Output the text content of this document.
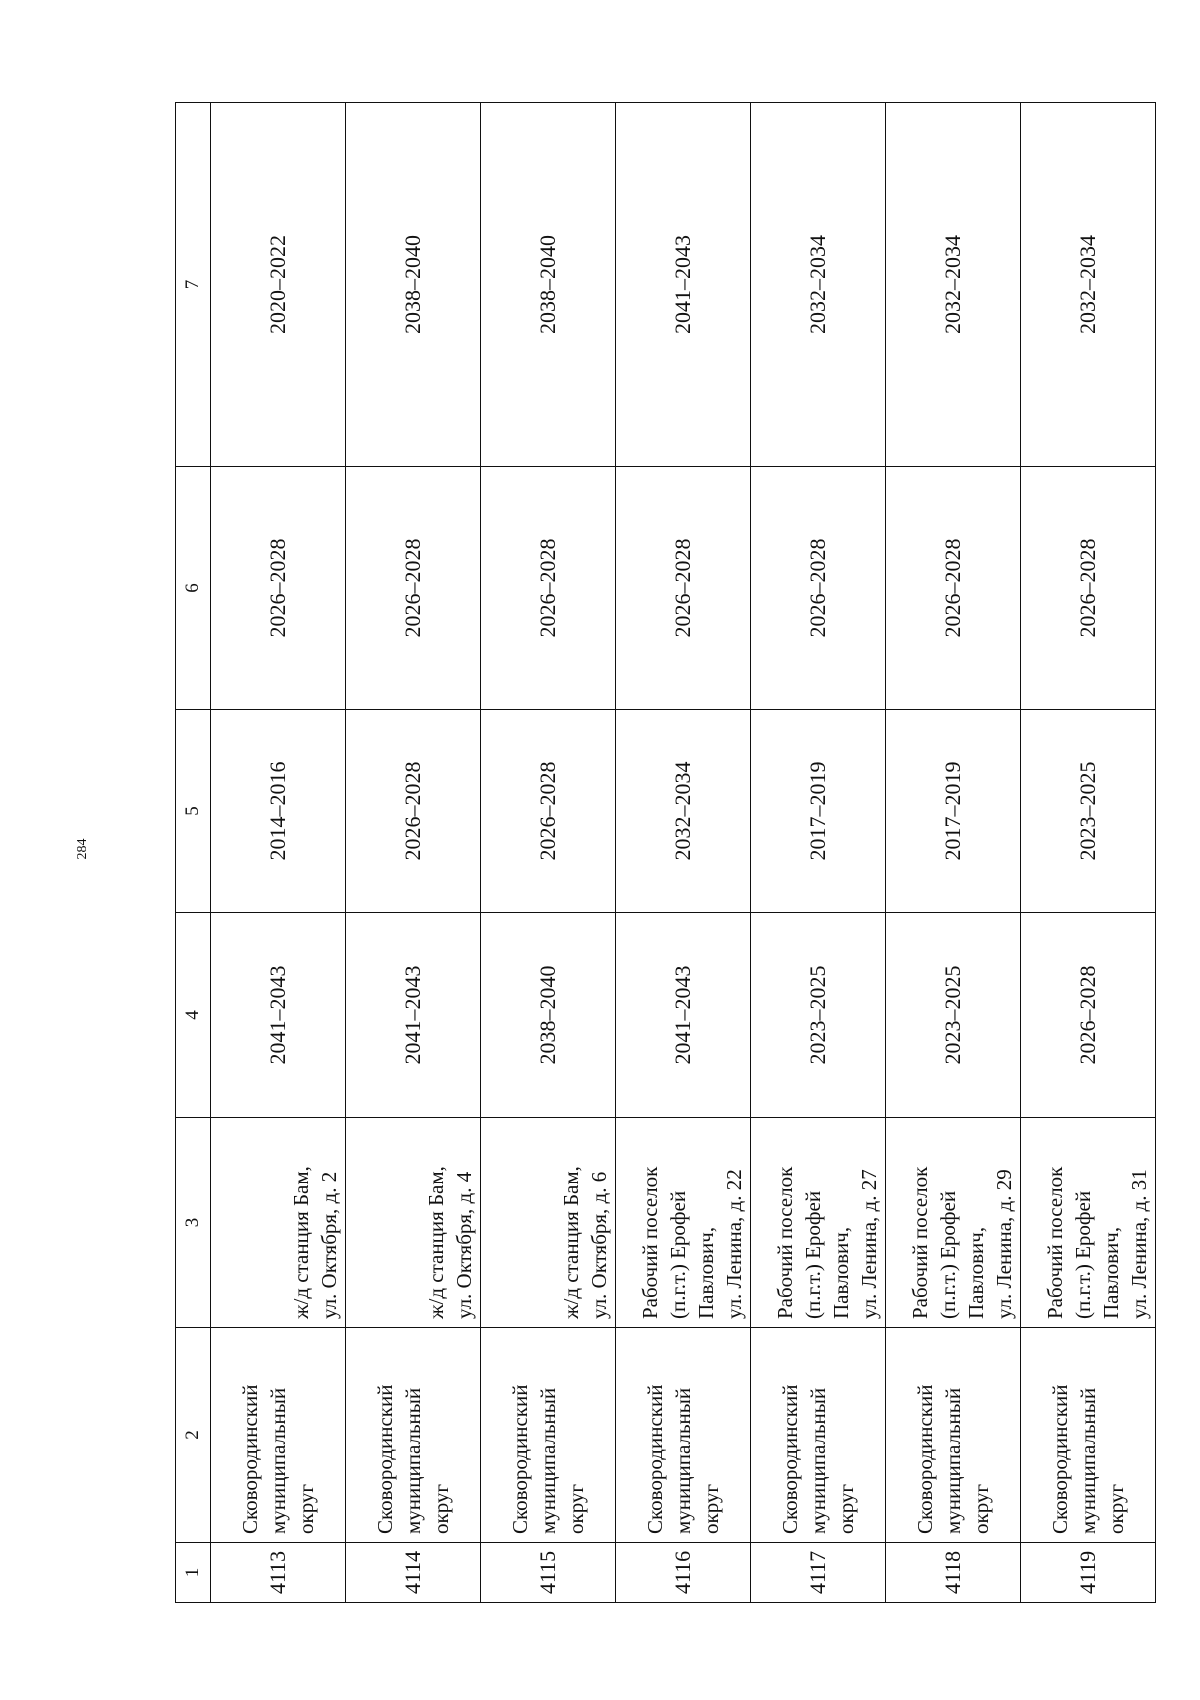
284
1	2	3	4	5	6	7
4113	Сковородинский муниципальный округ	ж/д станция Бам, ул. Октября, д. 2	2041–2043	2014–2016	2026–2028	2020–2022
4114	Сковородинский муниципальный округ	ж/д станция Бам, ул. Октября, д. 4	2041–2043	2026–2028	2026–2028	2038–2040
4115	Сковородинский муниципальный округ	ж/д станция Бам, ул. Октября, д. 6	2038–2040	2026–2028	2026–2028	2038–2040
4116	Сковородинский муниципальный округ	Рабочий поселок (п.г.т.) Ерофей Павлович, ул. Ленина, д. 22	2041–2043	2032–2034	2026–2028	2041–2043
4117	Сковородинский муниципальный округ	Рабочий поселок (п.г.т.) Ерофей Павлович, ул. Ленина, д. 27	2023–2025	2017–2019	2026–2028	2032–2034
4118	Сковородинский муниципальный округ	Рабочий поселок (п.г.т.) Ерофей Павлович, ул. Ленина, д. 29	2023–2025	2017–2019	2026–2028	2032–2034
4119	Сковородинский муниципальный округ	Рабочий поселок (п.г.т.) Ерофей Павлович, ул. Ленина, д. 31	2026–2028	2023–2025	2026–2028	2032–2034
